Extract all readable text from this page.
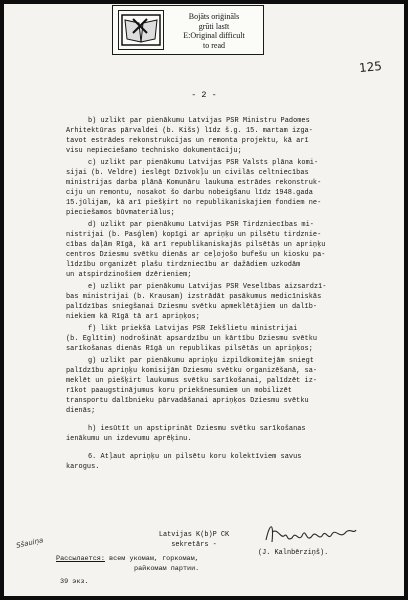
Bojāts oriģināls
grūti lasīt
E:Original difficult
to read
125
- 2 -

b) uzlikt par pienākumu Latvijas PSR Ministru Padomes
Arhitektūras pārvaldei (b. Kišs) līdz š.g. 15. martam izga-
tavot estrādes rekonstrukcijas un remonta projektu, kā arī
visu nepieciešamo technisko dokumentāciju;

c) uzlikt par pienākumu Latvijas PSR Valsts plāna komi-
sijai (b. Veldre) ieslēgt Dzīvokļu un civilās celtniecības
ministrijas darba plānā Komunāru laukuma estrādes rekonstruk-
ciju un remontu, nosakot šo darbu nobeigšanu līdz 1948.gada
15.jūlijam, kā arī piešķirt no republikaniskajiem fondiem ne-
pieciešamos būvmateriālus;

d) uzlikt par pienākumu Latvijas PSR Tirdzniecības mi-
nistrijai (b. Pasģlem) kopīgi ar apriņķu un pilsētu tirdznie-
cības daļām Rīgā, kā arī republikaniskajās pilsētās un apriņķu
centros Dziesmu svētku dienās ar ceļojošo bufešu un kiosku pa-
līdzību organizēt plašu tirdzniecību ar dažādiem uzkodām
un atspirdzinošiem dzērieniem;

e) uzlikt par pienākumu Latvijas PSR Veselības aizsardzī-
bas ministrijai (b. Krausam) izstrādāt pasākumus medicīniskās
palīdzības sniegšanai Dziesmu svētku apmeklētājiem un dalīb-
niekiem kā Rīgā tā arī apriņķos;

f) likt priekšā Latvijas PSR Iekšlietu ministrijai
(b. Eglītim) nodrošināt apsardzību un kārtību Dziesmu svētku
sarīkošanas dienās Rīgā un republikas pilsētās un apriņķos;

g) uzlikt par pienākumu apriņķu izpildkomitejām sniegt
palīdzību apriņķu komisijām Dziesmu svētku organizēšanā, sa-
meklēt un piešķirt laukumus svētku sarīkošanai, palīdzēt iz-
rīkot paaugstinājumus koru priekšnesumiem un mobilizēt
transportu dalībnieku pārvadāšanai apriņķos Dziesmu svētku
dienās;

h) iesūtīt un apstiprināt Dziesmu svētku sarīkošanas
ienākumu un izdevumu aprēķinu.

6. Atļaut apriņķu un pilsētu koru kolektīviem savus
karogus.

Latvijas K(b)P CK
sekretārs -
(J. Kalnbērziņš).
Sšauiņa
Рассылается: всем укомам, горкомам,
райкомам партии.
39 экз.
